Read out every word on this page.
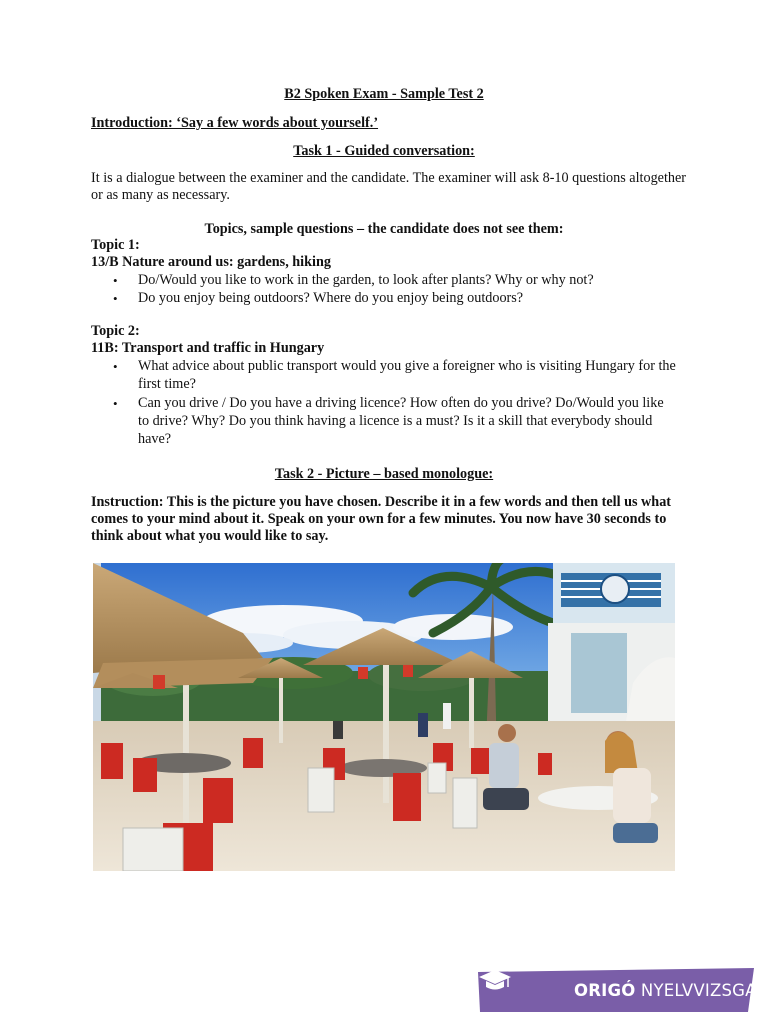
B2 Spoken Exam - Sample Test 2
Introduction: ‘Say a few words about yourself.’
Task 1 - Guided conversation:
It is a dialogue between the examiner and the candidate. The examiner will ask 8-10 questions altogether or as many as necessary.
Topics, sample questions – the candidate does not see them:
Topic 1:
13/B Nature around us: gardens, hiking
• Do/Would you like to work in the garden, to look after plants? Why or why not?
• Do you enjoy being outdoors? Where do you enjoy being outdoors?
Topic 2:
11B: Transport and traffic in Hungary
• What advice about public transport would you give a foreigner who is visiting Hungary for the first time?
• Can you drive / Do you have a driving licence? How often do you drive? Do/Would you like to drive? Why? Do you think having a licence is a must? Is it a skill that everybody should have?
Task 2 - Picture – based monologue:
Instruction: This is the picture you have chosen. Describe it in a few words and then tell us what comes to your mind about it. Speak on your own for a few minutes. You now have 30 seconds to think about what you would like to say.
ORIGÓ NYELVVIZSGA
